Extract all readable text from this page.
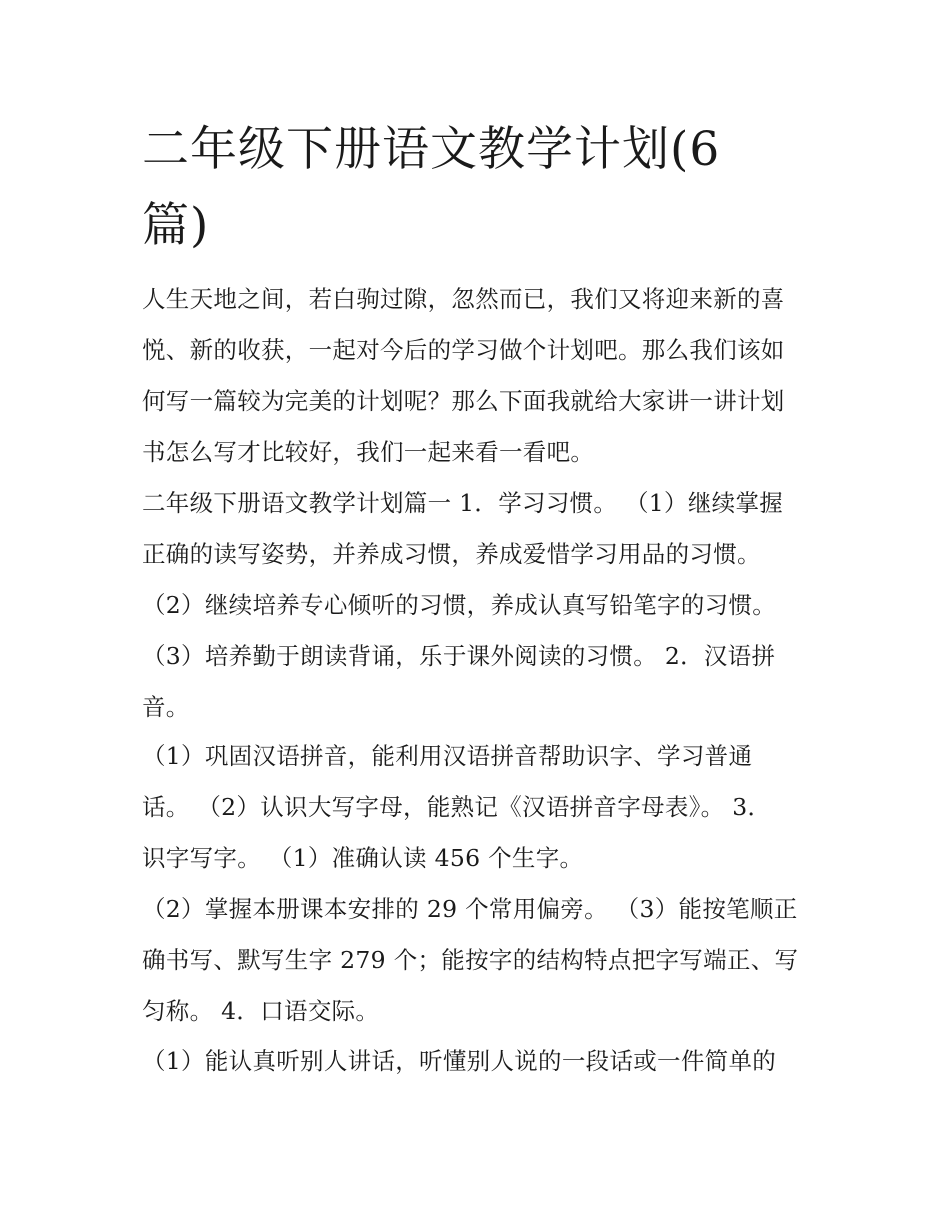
二年级下册语文教学计划(6
篇)

人生天地之间，若白驹过隙，忽然而已，我们又将迎来新的喜
悦、新的收获，一起对今后的学习做个计划吧。那么我们该如
何写一篇较为完美的计划呢？那么下面我就给大家讲一讲计划
书怎么写才比较好，我们一起来看一看吧。

二年级下册语文教学计划篇一 1．学习习惯。 （1）继续掌握
正确的读写姿势，并养成习惯，养成爱惜学习用品的习惯。
（2）继续培养专心倾听的习惯，养成认真写铅笔字的习惯。
（3）培养勤于朗读背诵，乐于课外阅读的习惯。 2．汉语拼
音。

（1）巩固汉语拼音，能利用汉语拼音帮助识字、学习普通
话。 （2）认识大写字母，能熟记《汉语拼音字母表》。 3．
识字写字。 （1）准确认读 456 个生字。

（2）掌握本册课本安排的 29 个常用偏旁。 （3）能按笔顺正
确书写、默写生字 279 个；能按字的结构特点把字写端正、写
匀称。 4．口语交际。

（1）能认真听别人讲话，听懂别人说的一段话或一件简单的
